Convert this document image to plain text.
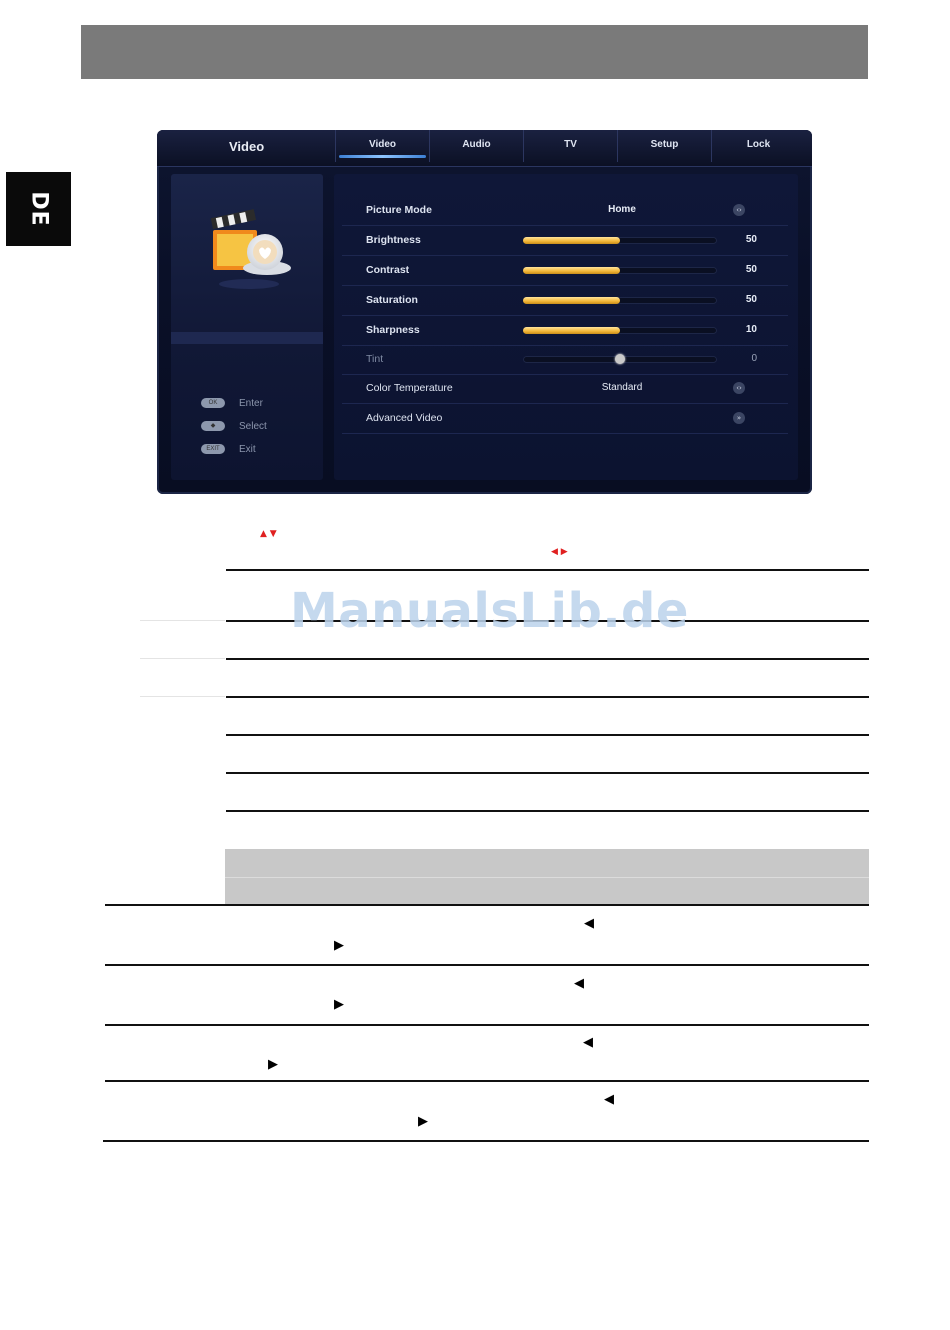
DE
Video	Video	Audio	TV	Setup	Lock
OK	Enter
◆	Select
EXIT	Exit
Picture Mode	Home	‹›
Brightness	50
Contrast	50
Saturation	50
Sharpness	10
Tint	0
Color Temperature	Standard	‹›
Advanced Video	»
▲ ▼
◀ ▶
◀
▶
◀
▶
◀
▶
◀
▶
ManualsLib.de
